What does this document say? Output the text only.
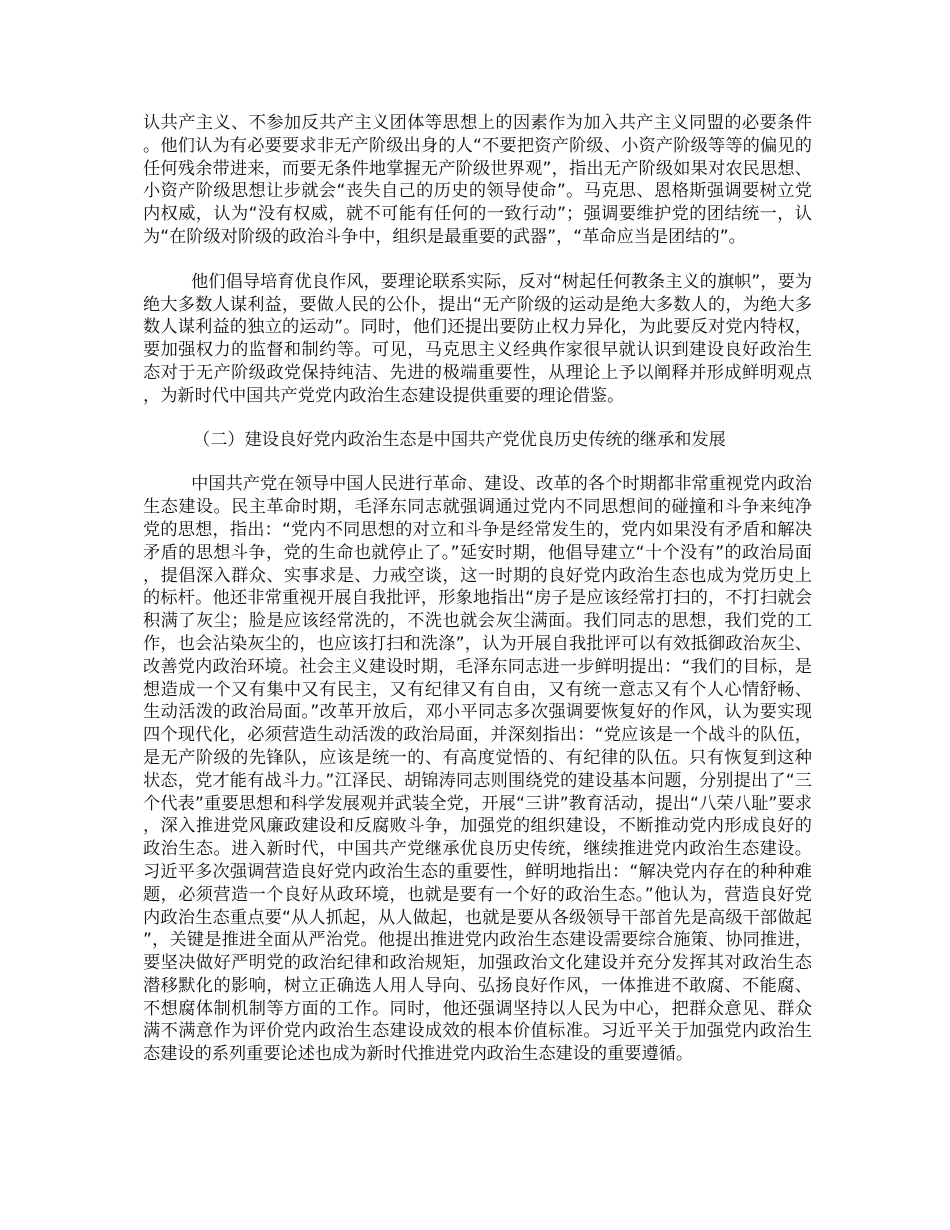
认共产主义、不参加反共产主义团体等思想上的因素作为加入共产主义同盟的必要条件。他们认为有必要要求非无产阶级出身的人“不要把资产阶级、小资产阶级等等的偏见的任何残余带进来，而要无条件地掌握无产阶级世界观”，指出无产阶级如果对农民思想、小资产阶级思想让步就会“丧失自己的历史的领导使命”。马克思、恩格斯强调要树立党内权威，认为“没有权威，就不可能有任何的一致行动”；强调要维护党的团结统一，认为“在阶级对阶级的政治斗争中，组织是最重要的武器”，“革命应当是团结的”。

他们倡导培育优良作风，要理论联系实际，反对“树起任何教条主义的旗帜”，要为绝大多数人谋利益，要做人民的公仆，提出“无产阶级的运动是绝大多数人的，为绝大多数人谋利益的独立的运动”。同时，他们还提出要防止权力异化，为此要反对党内特权，要加强权力的监督和制约等。可见，马克思主义经典作家很早就认识到建设良好政治生态对于无产阶级政党保持纯洁、先进的极端重要性，从理论上予以阐释并形成鲜明观点，为新时代中国共产党党内政治生态建设提供重要的理论借鉴。

（二）建设良好党内政治生态是中国共产党优良历史传统的继承和发展

中国共产党在领导中国人民进行革命、建设、改革的各个时期都非常重视党内政治生态建设。民主革命时期，毛泽东同志就强调通过党内不同思想间的碰撞和斗争来纯净党的思想，指出：“党内不同思想的对立和斗争是经常发生的，党内如果没有矛盾和解决矛盾的思想斗争，党的生命也就停止了。”延安时期，他倡导建立“十个没有”的政治局面，提倡深入群众、实事求是、力戒空谈，这一时期的良好党内政治生态也成为党历史上的标杆。他还非常重视开展自我批评，形象地指出“房子是应该经常打扫的，不打扫就会积满了灰尘；脸是应该经常洗的，不洗也就会灰尘满面。我们同志的思想，我们党的工作，也会沾染灰尘的，也应该打扫和洗涤”，认为开展自我批评可以有效抵御政治灰尘、改善党内政治环境。社会主义建设时期，毛泽东同志进一步鲜明提出：“我们的目标，是想造成一个又有集中又有民主，又有纪律又有自由，又有统一意志又有个人心情舒畅、生动活泼的政治局面。”改革开放后，邓小平同志多次强调要恢复好的作风，认为要实现四个现代化，必须营造生动活泼的政治局面，并深刻指出：“党应该是一个战斗的队伍，是无产阶级的先锋队，应该是统一的、有高度觉悟的、有纪律的队伍。只有恢复到这种状态，党才能有战斗力。”江泽民、胡锦涛同志则围绕党的建设基本问题，分别提出了“三个代表”重要思想和科学发展观并武装全党，开展“三讲”教育活动，提出“八荣八耻”要求，深入推进党风廉政建设和反腐败斗争，加强党的组织建设，不断推动党内形成良好的政治生态。进入新时代，中国共产党继承优良历史传统，继续推进党内政治生态建设。习近平多次强调营造良好党内政治生态的重要性，鲜明地指出：“解决党内存在的种种难题，必须营造一个良好从政环境，也就是要有一个好的政治生态。”他认为，营造良好党内政治生态重点要“从人抓起，从人做起，也就是要从各级领导干部首先是高级干部做起”，关键是推进全面从严治党。他提出推进党内政治生态建设需要综合施策、协同推进，要坚决做好严明党的政治纪律和政治规矩，加强政治文化建设并充分发挥其对政治生态潜移默化的影响，树立正确选人用人导向、弘扬良好作风，一体推进不敢腐、不能腐、不想腐体制机制等方面的工作。同时，他还强调坚持以人民为中心，把群众意见、群众满不满意作为评价党内政治生态建设成效的根本价值标准。习近平关于加强党内政治生态建设的系列重要论述也成为新时代推进党内政治生态建设的重要遵循。
